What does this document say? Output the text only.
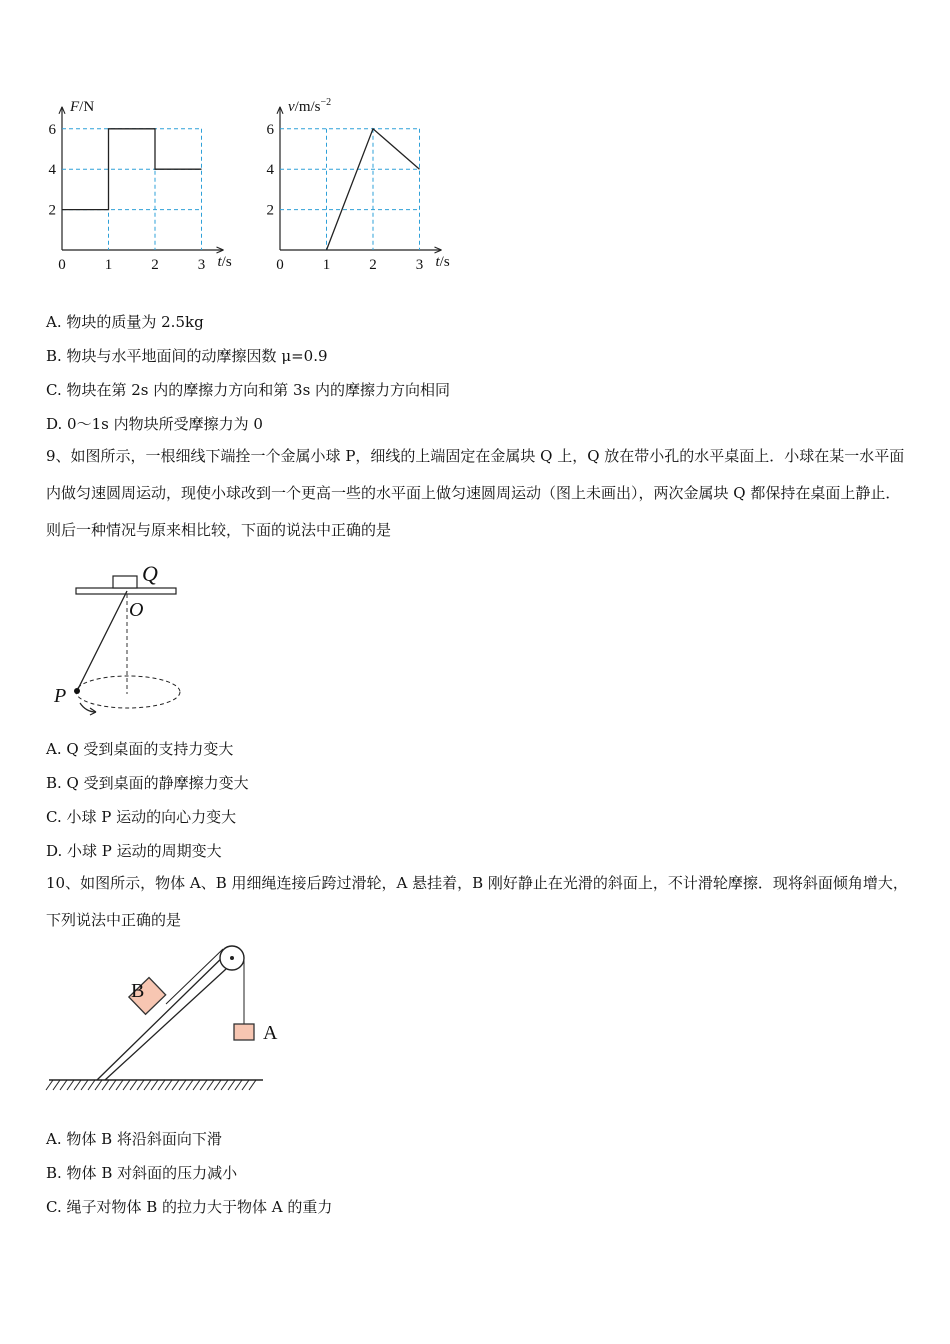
2
4
6
0	1	2	3
F/N
t/s
2
4
6
0	1	2	3
$v/m/s^{-2}$
t/s
A. 物块的质量为 2.5kg
B. 物块与水平地面间的动摩擦因数 μ=0.9
C. 物块在第 2s 内的摩擦力方向和第 3s 内的摩擦力方向相同
D. 0～1s 内物块所受摩擦力为 0
9、如图所示，一根细线下端拴一个金属小球 P，细线的上端固定在金属块 Q 上，Q 放在带小孔的水平桌面上．小球在某一水平面内做匀速圆周运动，现使小球改到一个更高一些的水平面上做匀速圆周运动（图上未画出），两次金属块 Q 都保持在桌面上静止．则后一种情况与原来相比较，下面的说法中正确的是
Q
O
P
A. Q 受到桌面的支持力变大
B. Q 受到桌面的静摩擦力变大
C. 小球 P 运动的向心力变大
D. 小球 P 运动的周期变大
10、如图所示，物体 A、B 用细绳连接后跨过滑轮，A 悬挂着，B 刚好静止在光滑的斜面上，不计滑轮摩擦．现将斜面倾角增大，下列说法中正确的是
B
A
A. 物体 B 将沿斜面向下滑
B. 物体 B 对斜面的压力减小
C. 绳子对物体 B 的拉力大于物体 A 的重力
